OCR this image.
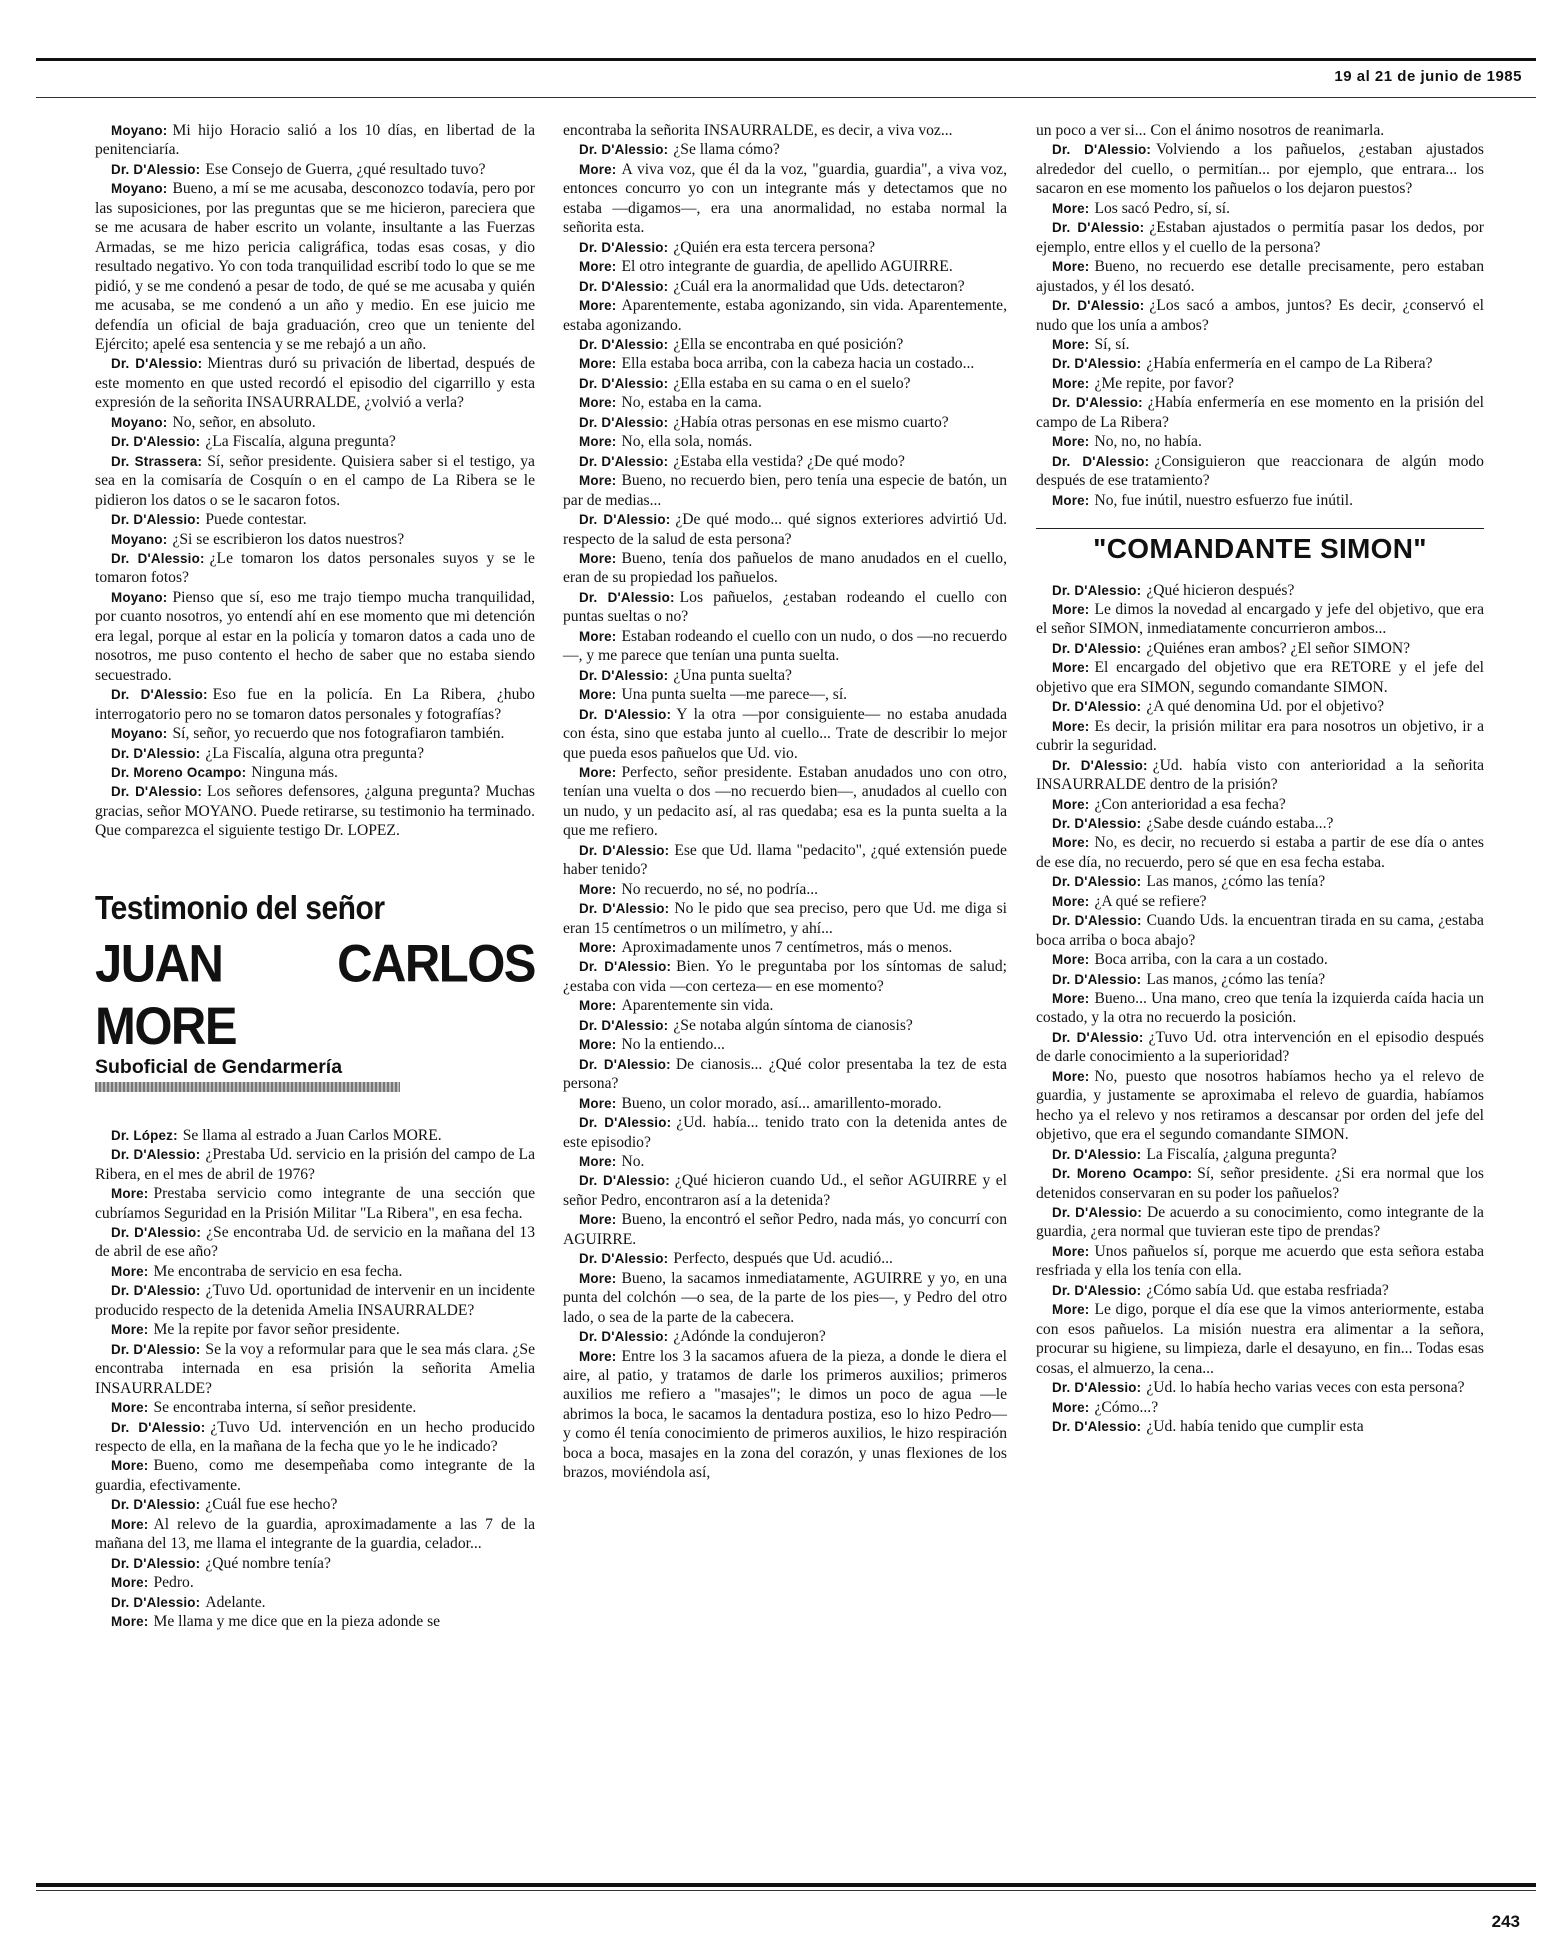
19 al 21 de junio de 1985

Moyano: Mi hijo Horacio salió a los 10 días, en libertad de la penitenciaría.

Dr. D'Alessio: Ese Consejo de Guerra, ¿qué resultado tuvo?

Moyano: Bueno, a mí se me acusaba, desconozco todavía, pero por las suposiciones, por las preguntas que se me hicieron, pareciera que se me acusara de haber escrito un volante, insultante a las Fuerzas Armadas, se me hizo pericia caligráfica, todas esas cosas, y dio resultado negativo. Yo con toda tranquilidad escribí todo lo que se me pidió, y se me condenó a pesar de todo, de qué se me acusaba y quién me acusaba, se me condenó a un año y medio. En ese juicio me defendía un oficial de baja graduación, creo que un teniente del Ejército; apelé esa sentencia y se me rebajó a un año.

Dr. D'Alessio: Mientras duró su privación de libertad, después de este momento en que usted recordó el episodio del cigarrillo y esta expresión de la señorita INSAURRALDE, ¿volvió a verla?

Moyano: No, señor, en absoluto.

Dr. D'Alessio: ¿La Fiscalía, alguna pregunta?

Dr. Strassera: Sí, señor presidente. Quisiera saber si el testigo, ya sea en la comisaría de Cosquín o en el campo de La Ribera se le pidieron los datos o se le sacaron fotos.

Dr. D'Alessio: Puede contestar.

Moyano: ¿Si se escribieron los datos nuestros?

Dr. D'Alessio: ¿Le tomaron los datos personales suyos y se le tomaron fotos?

Moyano: Pienso que sí, eso me trajo tiempo mucha tranquilidad, por cuanto nosotros, yo entendí ahí en ese momento que mi detención era legal, porque al estar en la policía y tomaron datos a cada uno de nosotros, me puso contento el hecho de saber que no estaba siendo secuestrado.

Dr. D'Alessio: Eso fue en la policía. En La Ribera, ¿hubo interrogatorio pero no se tomaron datos personales y fotografías?

Moyano: Sí, señor, yo recuerdo que nos fotografiaron también.

Dr. D'Alessio: ¿La Fiscalía, alguna otra pregunta?

Dr. Moreno Ocampo: Ninguna más.

Dr. D'Alessio: Los señores defensores, ¿alguna pregunta? Muchas gracias, señor MOYANO. Puede retirarse, su testimonio ha terminado. Que comparezca el siguiente testigo Dr. LOPEZ.

Testimonio del señor
JUAN CARLOS MORE
Suboficial de Gendarmería

Dr. López: Se llama al estrado a Juan Carlos MORE.

Dr. D'Alessio: ¿Prestaba Ud. servicio en la prisión del campo de La Ribera, en el mes de abril de 1976?

More: Prestaba servicio como integrante de una sección que cubríamos Seguridad en la Prisión Militar "La Ribera", en esa fecha.

Dr. D'Alessio: ¿Se encontraba Ud. de servicio en la mañana del 13 de abril de ese año?

More: Me encontraba de servicio en esa fecha.

Dr. D'Alessio: ¿Tuvo Ud. oportunidad de intervenir en un incidente producido respecto de la detenida Amelia INSAURRALDE?

More: Me la repite por favor señor presidente.

Dr. D'Alessio: Se la voy a reformular para que le sea más clara. ¿Se encontraba internada en esa prisión la señorita Amelia INSAURRALDE?

More: Se encontraba interna, sí señor presidente.

Dr. D'Alessio: ¿Tuvo Ud. intervención en un hecho producido respecto de ella, en la mañana de la fecha que yo le he indicado?

More: Bueno, como me desempeñaba como integrante de la guardia, efectivamente.

Dr. D'Alessio: ¿Cuál fue ese hecho?

More: Al relevo de la guardia, aproximadamente a las 7 de la mañana del 13, me llama el integrante de la guardia, celador...

Dr. D'Alessio: ¿Qué nombre tenía?

More: Pedro.

Dr. D'Alessio: Adelante.

More: Me llama y me dice que en la pieza adonde se

encontraba la señorita INSAURRALDE, es decir, a viva voz...

Dr. D'Alessio: ¿Se llama cómo?

More: A viva voz, que él da la voz, "guardia, guardia", a viva voz, entonces concurro yo con un integrante más y detectamos que no estaba —digamos—, era una anormalidad, no estaba normal la señorita esta.

Dr. D'Alessio: ¿Quién era esta tercera persona?

More: El otro integrante de guardia, de apellido AGUIRRE.

Dr. D'Alessio: ¿Cuál era la anormalidad que Uds. detectaron?

More: Aparentemente, estaba agonizando, sin vida. Aparentemente, estaba agonizando.

Dr. D'Alessio: ¿Ella se encontraba en qué posición?

More: Ella estaba boca arriba, con la cabeza hacia un costado...

Dr. D'Alessio: ¿Ella estaba en su cama o en el suelo?

More: No, estaba en la cama.

Dr. D'Alessio: ¿Había otras personas en ese mismo cuarto?

More: No, ella sola, nomás.

Dr. D'Alessio: ¿Estaba ella vestida? ¿De qué modo?

More: Bueno, no recuerdo bien, pero tenía una especie de batón, un par de medias...

Dr. D'Alessio: ¿De qué modo... qué signos exteriores advirtió Ud. respecto de la salud de esta persona?

More: Bueno, tenía dos pañuelos de mano anudados en el cuello, eran de su propiedad los pañuelos.

Dr. D'Alessio: Los pañuelos, ¿estaban rodeando el cuello con puntas sueltas o no?

More: Estaban rodeando el cuello con un nudo, o dos —no recuerdo—, y me parece que tenían una punta suelta.

Dr. D'Alessio: ¿Una punta suelta?

More: Una punta suelta —me parece—, sí.

Dr. D'Alessio: Y la otra —por consiguiente— no estaba anudada con ésta, sino que estaba junto al cuello... Trate de describir lo mejor que pueda esos pañuelos que Ud. vio.

More: Perfecto, señor presidente. Estaban anudados uno con otro, tenían una vuelta o dos —no recuerdo bien—, anudados al cuello con un nudo, y un pedacito así, al ras quedaba; esa es la punta suelta a la que me refiero.

Dr. D'Alessio: Ese que Ud. llama "pedacito", ¿qué extensión puede haber tenido?

More: No recuerdo, no sé, no podría...

Dr. D'Alessio: No le pido que sea preciso, pero que Ud. me diga si eran 15 centímetros o un milímetro, y ahí...

More: Aproximadamente unos 7 centímetros, más o menos.

Dr. D'Alessio: Bien. Yo le preguntaba por los síntomas de salud; ¿estaba con vida —con certeza— en ese momento?

More: Aparentemente sin vida.

Dr. D'Alessio: ¿Se notaba algún síntoma de cianosis?

More: No la entiendo...

Dr. D'Alessio: De cianosis... ¿Qué color presentaba la tez de esta persona?

More: Bueno, un color morado, así... amarillento-morado.

Dr. D'Alessio: ¿Ud. había... tenido trato con la detenida antes de este episodio?

More: No.

Dr. D'Alessio: ¿Qué hicieron cuando Ud., el señor AGUIRRE y el señor Pedro, encontraron así a la detenida?

More: Bueno, la encontró el señor Pedro, nada más, yo concurrí con AGUIRRE.

Dr. D'Alessio: Perfecto, después que Ud. acudió...

More: Bueno, la sacamos inmediatamente, AGUIRRE y yo, en una punta del colchón —o sea, de la parte de los pies—, y Pedro del otro lado, o sea de la parte de la cabecera.

Dr. D'Alessio: ¿Adónde la condujeron?

More: Entre los 3 la sacamos afuera de la pieza, a donde le diera el aire, al patio, y tratamos de darle los primeros auxilios; primeros auxilios me refiero a "masajes"; le dimos un poco de agua —le abrimos la boca, le sacamos la dentadura postiza, eso lo hizo Pedro— y como él tenía conocimiento de primeros auxilios, le hizo respiración boca a boca, masajes en la zona del corazón, y unas flexiones de los brazos, moviéndola así,

un poco a ver si... Con el ánimo nosotros de reanimarla.

Dr. D'Alessio: Volviendo a los pañuelos, ¿estaban ajustados alrededor del cuello, o permitían... por ejemplo, que entrara... los sacaron en ese momento los pañuelos o los dejaron puestos?

More: Los sacó Pedro, sí, sí.

Dr. D'Alessio: ¿Estaban ajustados o permitía pasar los dedos, por ejemplo, entre ellos y el cuello de la persona?

More: Bueno, no recuerdo ese detalle precisamente, pero estaban ajustados, y él los desató.

Dr. D'Alessio: ¿Los sacó a ambos, juntos? Es decir, ¿conservó el nudo que los unía a ambos?

More: Sí, sí.

Dr. D'Alessio: ¿Había enfermería en el campo de La Ribera?

More: ¿Me repite, por favor?

Dr. D'Alessio: ¿Había enfermería en ese momento en la prisión del campo de La Ribera?

More: No, no, no había.

Dr. D'Alessio: ¿Consiguieron que reaccionara de algún modo después de ese tratamiento?

More: No, fue inútil, nuestro esfuerzo fue inútil.

"COMANDANTE SIMON"

Dr. D'Alessio: ¿Qué hicieron después?

More: Le dimos la novedad al encargado y jefe del objetivo, que era el señor SIMON, inmediatamente concurrieron ambos...

Dr. D'Alessio: ¿Quiénes eran ambos? ¿El señor SIMON?

More: El encargado del objetivo que era RETORE y el jefe del objetivo que era SIMON, segundo comandante SIMON.

Dr. D'Alessio: ¿A qué denomina Ud. por el objetivo?

More: Es decir, la prisión militar era para nosotros un objetivo, ir a cubrir la seguridad.

Dr. D'Alessio: ¿Ud. había visto con anterioridad a la señorita INSAURRALDE dentro de la prisión?

More: ¿Con anterioridad a esa fecha?

Dr. D'Alessio: ¿Sabe desde cuándo estaba...?

More: No, es decir, no recuerdo si estaba a partir de ese día o antes de ese día, no recuerdo, pero sé que en esa fecha estaba.

Dr. D'Alessio: Las manos, ¿cómo las tenía?

More: ¿A qué se refiere?

Dr. D'Alessio: Cuando Uds. la encuentran tirada en su cama, ¿estaba boca arriba o boca abajo?

More: Boca arriba, con la cara a un costado.

Dr. D'Alessio: Las manos, ¿cómo las tenía?

More: Bueno... Una mano, creo que tenía la izquierda caída hacia un costado, y la otra no recuerdo la posición.

Dr. D'Alessio: ¿Tuvo Ud. otra intervención en el episodio después de darle conocimiento a la superioridad?

More: No, puesto que nosotros habíamos hecho ya el relevo de guardia, y justamente se aproximaba el relevo de guardia, habíamos hecho ya el relevo y nos retiramos a descansar por orden del jefe del objetivo, que era el segundo comandante SIMON.

Dr. D'Alessio: La Fiscalía, ¿alguna pregunta?

Dr. Moreno Ocampo: Sí, señor presidente. ¿Si era normal que los detenidos conservaran en su poder los pañuelos?

Dr. D'Alessio: De acuerdo a su conocimiento, como integrante de la guardia, ¿era normal que tuvieran este tipo de prendas?

More: Unos pañuelos sí, porque me acuerdo que esta señora estaba resfriada y ella los tenía con ella.

Dr. D'Alessio: ¿Cómo sabía Ud. que estaba resfriada?

More: Le digo, porque el día ese que la vimos anteriormente, estaba con esos pañuelos. La misión nuestra era alimentar a la señora, procurar su higiene, su limpieza, darle el desayuno, en fin... Todas esas cosas, el almuerzo, la cena...

Dr. D'Alessio: ¿Ud. lo había hecho varias veces con esta persona?

More: ¿Cómo...?

Dr. D'Alessio: ¿Ud. había tenido que cumplir esta

243
